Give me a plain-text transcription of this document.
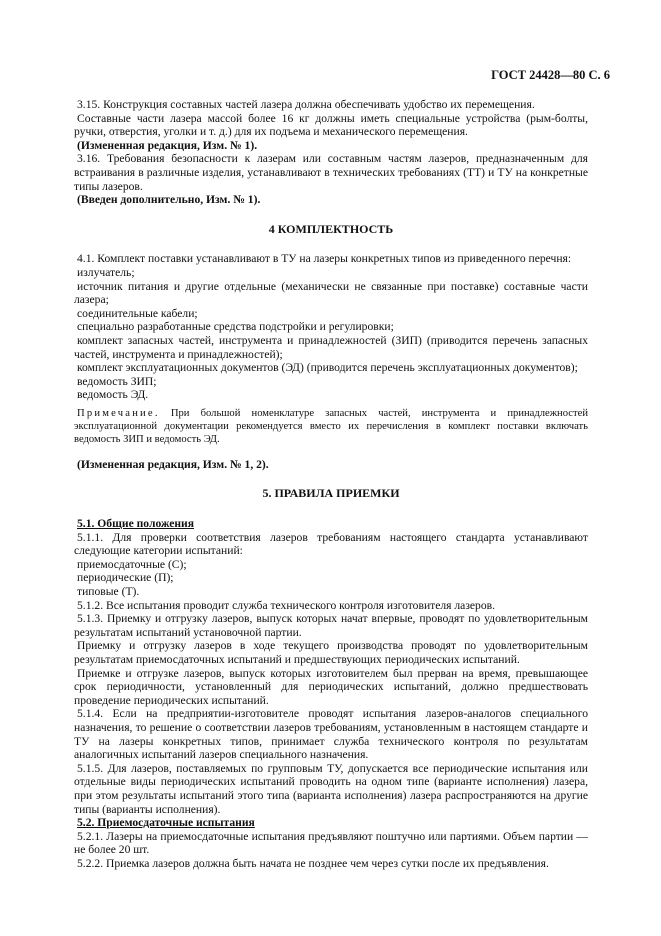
ГОСТ 24428—80 С. 6

3.15. Конструкция составных частей лазера должна обеспечивать удобство их перемещения.

Составные части лазера массой более 16 кг должны иметь специальные устройства (рым-болты, ручки, отверстия, уголки и т. д.) для их подъема и механического перемещения.

(Измененная редакция, Изм. № 1).

3.16. Требования безопасности к лазерам или составным частям лазеров, предназначенным для встраивания в различные изделия, устанавливают в технических требованиях (ТТ) и ТУ на конкретные типы лазеров.

(Введен дополнительно, Изм. № 1).

4 КОМПЛЕКТНОСТЬ

4.1. Комплект поставки устанавливают в ТУ на лазеры конкретных типов из приведенного перечня:

излучатель;

источник питания и другие отдельные (механически не связанные при поставке) составные части лазера;

соединительные кабели;

специально разработанные средства подстройки и регулировки;

комплект запасных частей, инструмента и принадлежностей (ЗИП) (приводится перечень запасных частей, инструмента и принадлежностей);

комплект эксплуатационных документов (ЭД) (приводится перечень эксплуатационных документов);

ведомость ЗИП;

ведомость ЭД.

Примечание. При большой номенклатуре запасных частей, инструмента и принадлежностей эксплуатационной документации рекомендуется вместо их перечисления в комплект поставки включать ведомость ЗИП и ведомость ЭД.

(Измененная редакция, Изм. № 1, 2).

5. ПРАВИЛА ПРИЕМКИ

5.1. Общие положения

5.1.1. Для проверки соответствия лазеров требованиям настоящего стандарта устанавливают следующие категории испытаний:

приемосдаточные (С);

периодические (П);

типовые (Т).

5.1.2. Все испытания проводит служба технического контроля изготовителя лазеров.

5.1.3. Приемку и отгрузку лазеров, выпуск которых начат впервые, проводят по удовлетворительным результатам испытаний установочной партии.

Приемку и отгрузку лазеров в ходе текущего производства проводят по удовлетворительным результатам приемосдаточных испытаний и предшествующих периодических испытаний.

Приемке и отгрузке лазеров, выпуск которых изготовителем был прерван на время, превышающее срок периодичности, установленный для периодических испытаний, должно предшествовать проведение периодических испытаний.

5.1.4. Если на предприятии-изготовителе проводят испытания лазеров-аналогов специального назначения, то решение о соответствии лазеров требованиям, установленным в настоящем стандарте и ТУ на лазеры конкретных типов, принимает служба технического контроля по результатам аналогичных испытаний лазеров специального назначения.

5.1.5. Для лазеров, поставляемых по групповым ТУ, допускается все периодические испытания или отдельные виды периодических испытаний проводить на одном типе (варианте исполнения) лазера, при этом результаты испытаний этого типа (варианта исполнения) лазера распространяются на другие типы (варианты исполнения).

5.2. Приемосдаточные испытания

5.2.1. Лазеры на приемосдаточные испытания предъявляют поштучно или партиями. Объем партии — не более 20 шт.

5.2.2. Приемка лазеров должна быть начата не позднее чем через сутки после их предъявления.
